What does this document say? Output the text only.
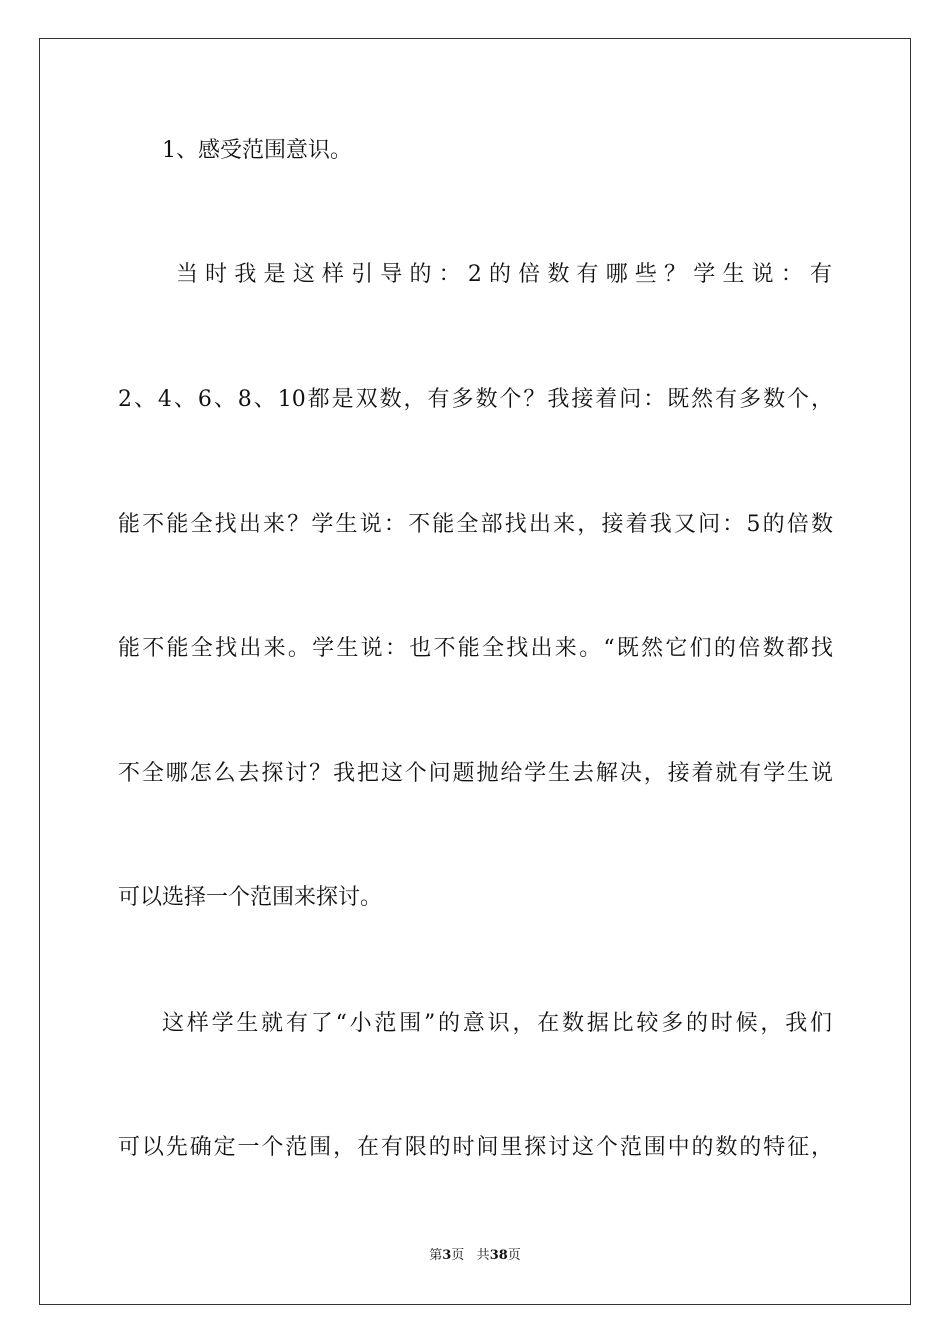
1、感受范围意识。
当时我是这样引导的：2的倍数有哪些？学生说：有
2、4、6、8、10都是双数，有多数个？我接着问：既然有多数个，
能不能全找出来？学生说：不能全部找出来，接着我又问：5的倍数
能不能全找出来。学生说：也不能全找出来。“既然它们的倍数都找
不全哪怎么去探讨？我把这个问题抛给学生去解决，接着就有学生说
可以选择一个范围来探讨。
这样学生就有了“小范围”的意识，在数据比较多的时候，我们
可以先确定一个范围，在有限的时间里探讨这个范围中的数的特征，
第3页 共38页
